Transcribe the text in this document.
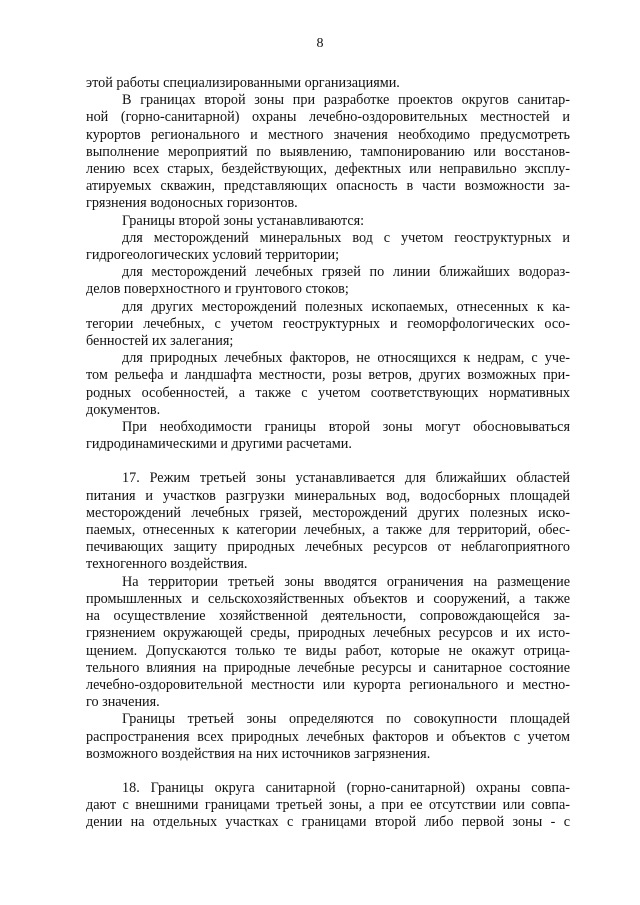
8
этой работы специализированными организациями.
В границах второй зоны при разработке проектов округов санитар-
ной (горно-санитарной) охраны лечебно-оздоровительных местностей и
курортов регионального и местного значения необходимо предусмотреть
выполнение мероприятий по выявлению, тампонированию или восстанов-
лению всех старых, бездействующих, дефектных или неправильно эксплу-
атируемых скважин, представляющих опасность в части возможности за-
грязнения водоносных горизонтов.
Границы второй зоны устанавливаются:
для месторождений минеральных вод с учетом геоструктурных и
гидрогеологических условий территории;
для месторождений лечебных грязей по линии ближайших водораз-
делов поверхностного и грунтового стоков;
для других месторождений полезных ископаемых, отнесенных к ка-
тегории лечебных, с учетом геоструктурных и геоморфологических осо-
бенностей их залегания;
для природных лечебных факторов, не относящихся к недрам, с уче-
том рельефа и ландшафта местности, розы ветров, других возможных при-
родных особенностей, а также с учетом соответствующих нормативных
документов.
При необходимости границы второй зоны могут обосновываться
гидродинамическими и другими расчетами.
17. Режим третьей зоны устанавливается для ближайших областей
питания и участков разгрузки минеральных вод, водосборных площадей
месторождений лечебных грязей, месторождений других полезных иско-
паемых, отнесенных к категории лечебных, а также для территорий, обес-
печивающих защиту природных лечебных ресурсов от неблагоприятного
техногенного воздействия.
На территории третьей зоны вводятся ограничения на размещение
промышленных и сельскохозяйственных объектов и сооружений, а также
на осуществление хозяйственной деятельности, сопровождающейся за-
грязнением окружающей среды, природных лечебных ресурсов и их исто-
щением. Допускаются только те виды работ, которые не окажут отрица-
тельного влияния на природные лечебные ресурсы и санитарное состояние
лечебно-оздоровительной местности или курорта регионального и местно-
го значения.
Границы третьей зоны определяются по совокупности площадей
распространения всех природных лечебных факторов и объектов с учетом
возможного воздействия на них источников загрязнения.
18. Границы округа санитарной (горно-санитарной) охраны совпа-
дают с внешними границами третьей зоны, а при ее отсутствии или совпа-
дении на отдельных участках с границами второй либо первой зоны - с
